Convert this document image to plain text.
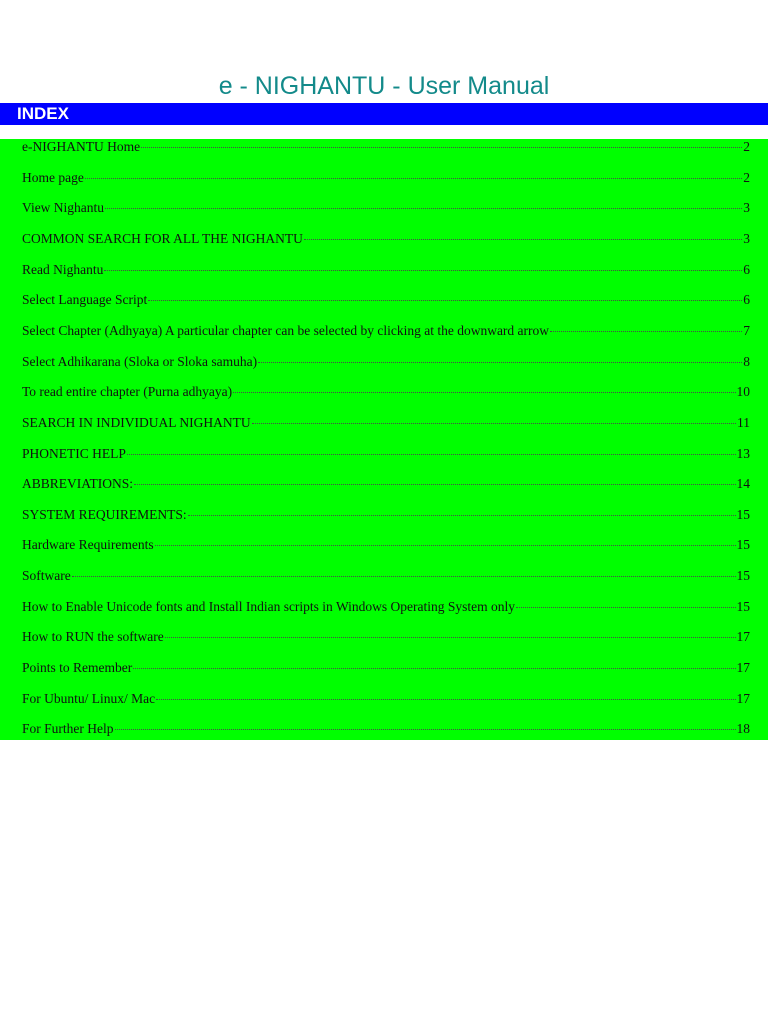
e - NIGHANTU - User Manual
INDEX
e-NIGHANTU Home	2
Home page	2
View Nighantu	3
COMMON SEARCH FOR ALL THE NIGHANTU	3
Read Nighantu	6
Select Language Script	6
Select Chapter (Adhyaya) A particular chapter can be selected by clicking at the downward arrow	7
Select Adhikarana (Sloka or Sloka samuha)	8
To read entire chapter (Purna adhyaya)	10
SEARCH IN INDIVIDUAL NIGHANTU	11
PHONETIC HELP	13
ABBREVIATIONS:	14
SYSTEM REQUIREMENTS:	15
Hardware Requirements	15
Software	15
How to Enable Unicode fonts and Install Indian scripts in Windows Operating System only	15
How to RUN the software	17
Points to Remember	17
For Ubuntu/ Linux/ Mac	17
For Further Help	18
